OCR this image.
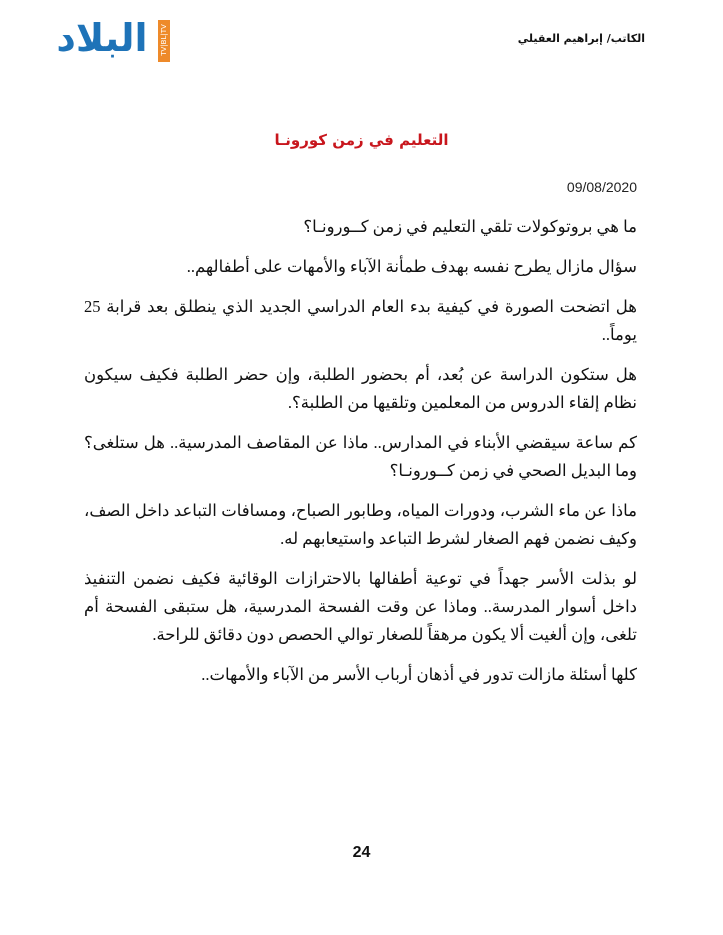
البلاد	TV|BL|TV	الكاتب/ إبراهيم العقيلي
التعليم في زمن كورونـا
09/08/2020

ما هي بروتوكولات تلقي التعليم في زمن كــورونـا؟

سؤال مازال يطرح نفسه بهدف طمأنة الآباء والأمهات على أطفالهم..

هل اتضحت الصورة في كيفية بدء العام الدراسي الجديد الذي ينطلق بعد قرابة 25 يوماً..

هل ستكون الدراسة عن بُعد، أم بحضور الطلبة، وإن حضر الطلبة فكيف سيكون نظام إلقاء الدروس من المعلمين وتلقيها من الطلبة؟.

كم ساعة سيقضي الأبناء في المدارس.. ماذا عن المقاصف المدرسية.. هل ستلغى؟ وما البديل الصحي في زمن كــورونـا؟

ماذا عن ماء الشرب، ودورات المياه، وطابور الصباح، ومسافات التباعد داخل الصف، وكيف نضمن فهم الصغار لشرط التباعد واستيعابهم له.

لو بذلت الأسر جهداً في توعية أطفالها بالاحترازات الوقائية فكيف نضمن التنفيذ داخل أسوار المدرسة.. وماذا عن وقت الفسحة المدرسية، هل ستبقى الفسحة أم تلغى، وإن ألغيت ألا يكون مرهقاً للصغار توالي الحصص دون دقائق للراحة.

كلها أسئلة مازالت تدور في أذهان أرباب الأسر من الآباء والأمهات..

24
